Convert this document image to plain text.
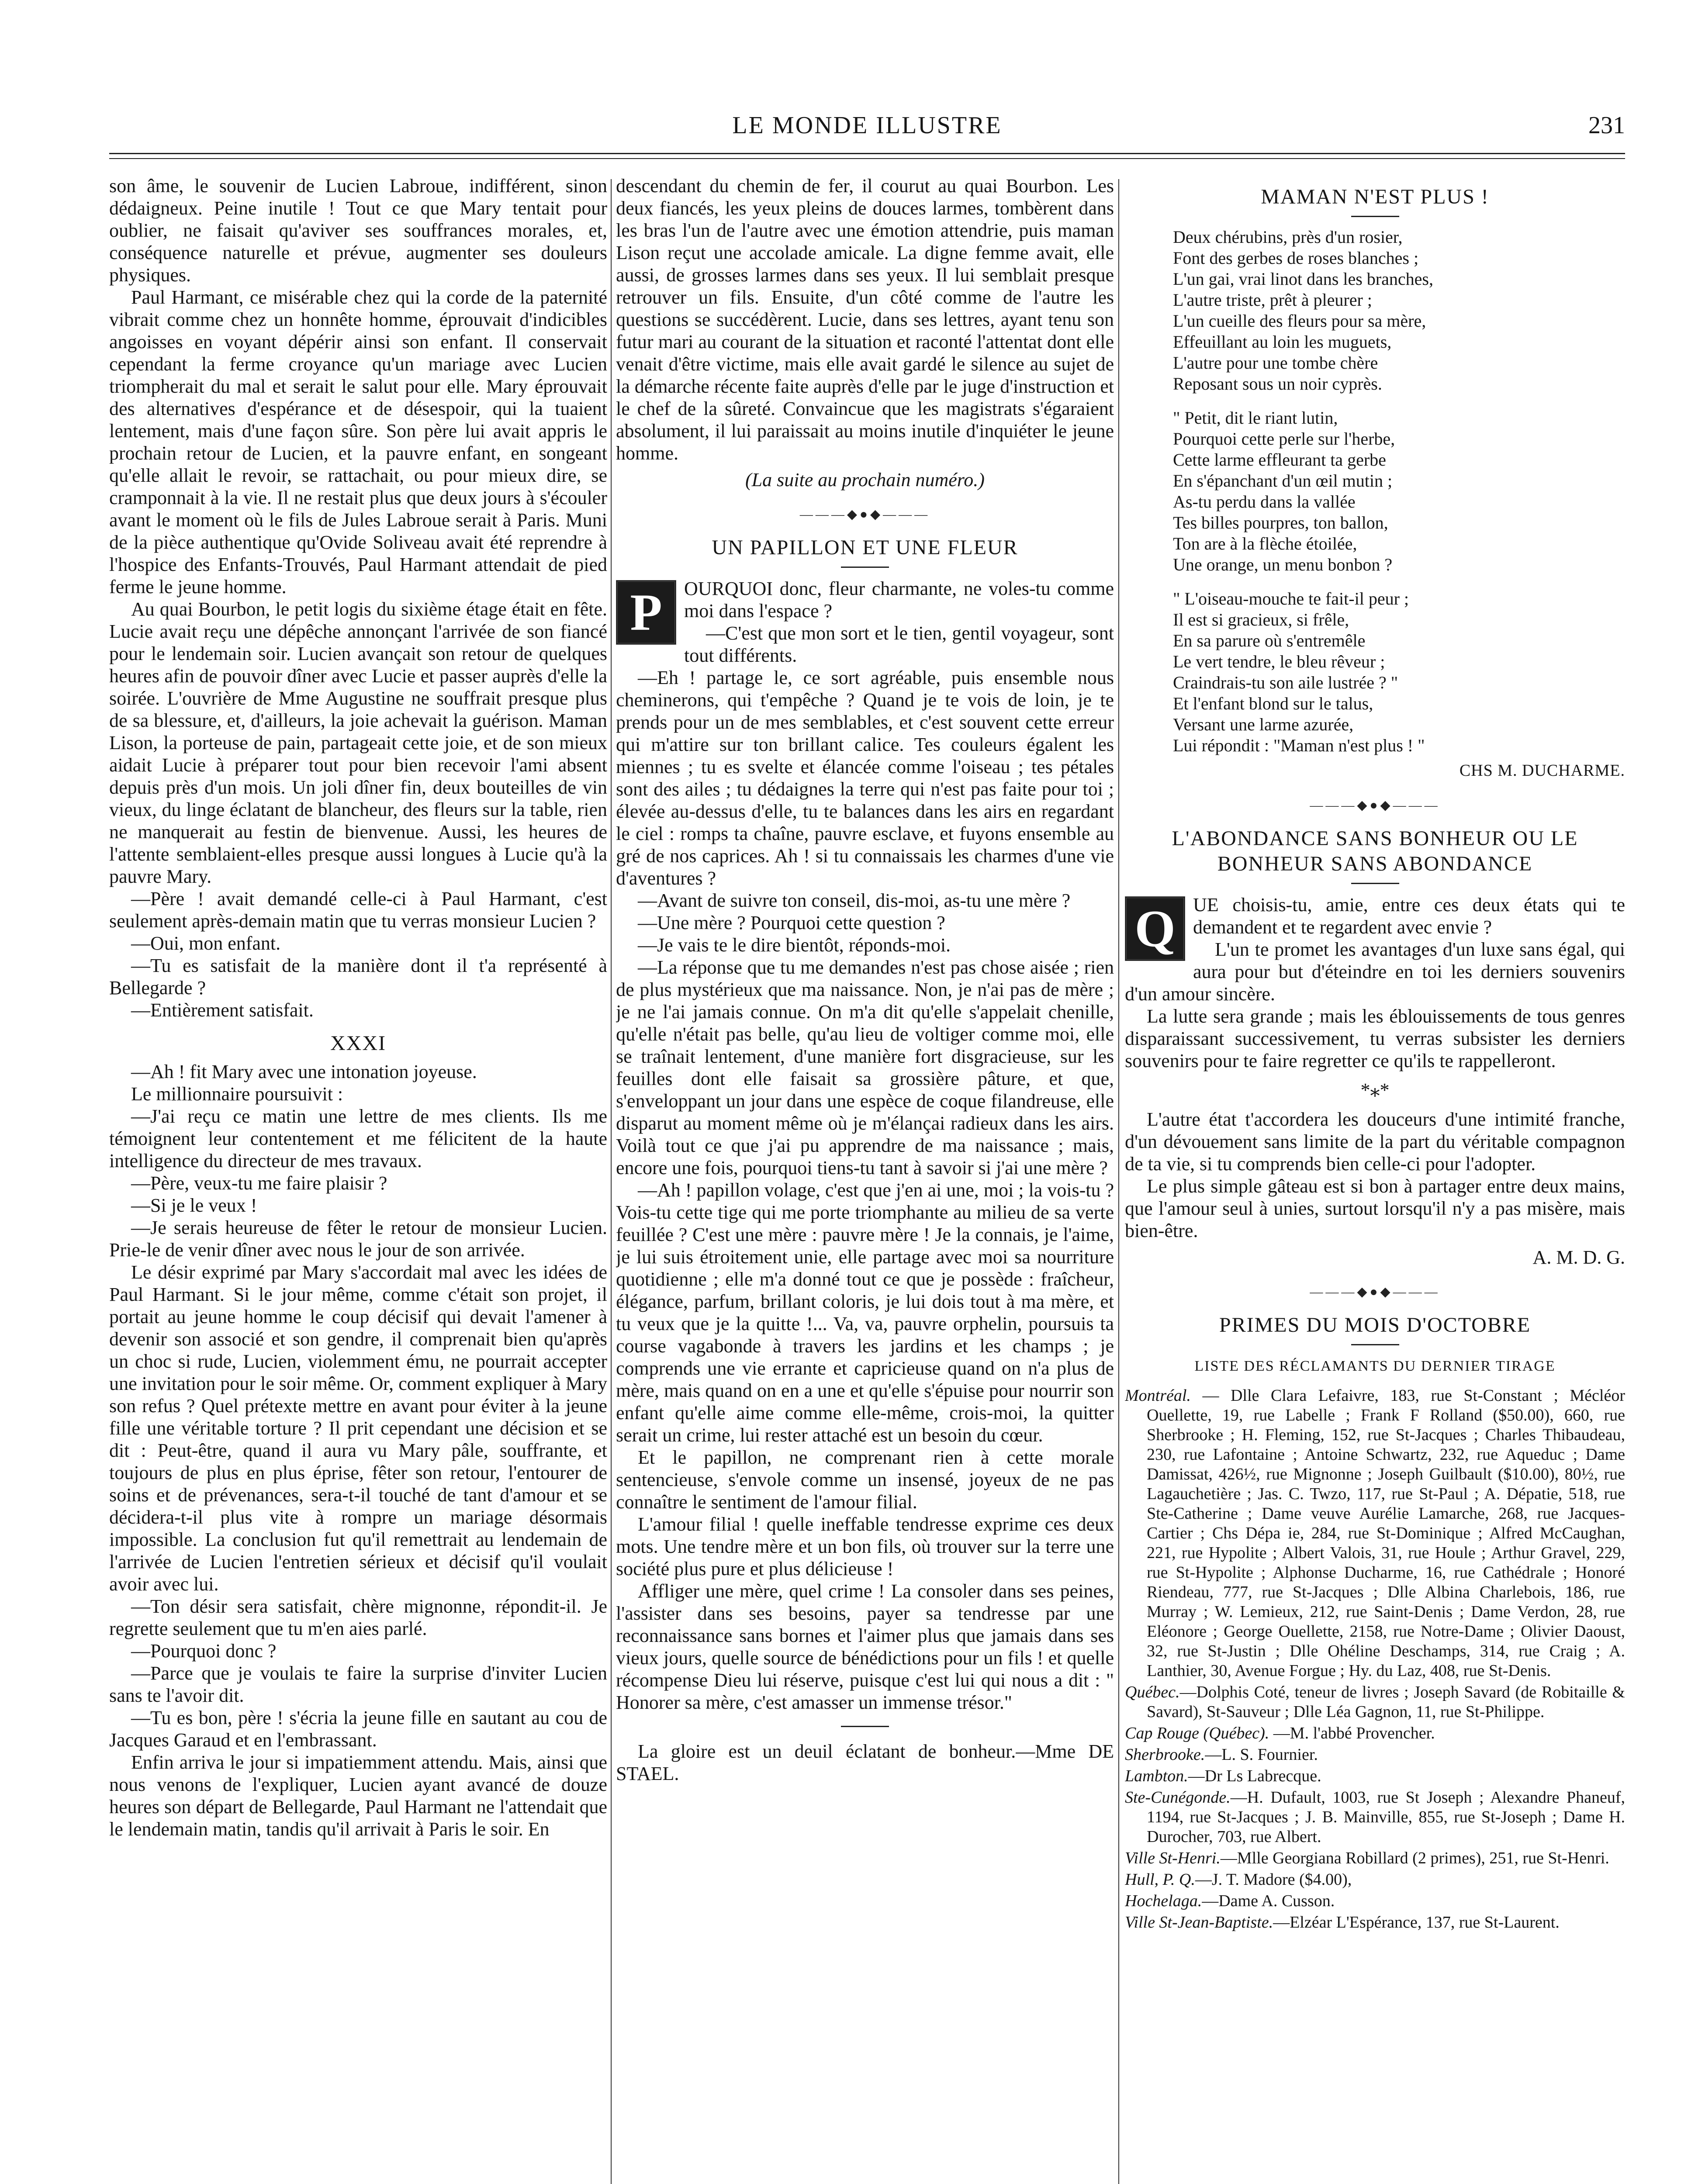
LE MONDE ILLUSTRE	231

son âme, le souvenir de Lucien Labroue, indifférent, sinon dédaigneux. Peine inutile ! Tout ce que Mary tentait pour oublier, ne faisait qu'aviver ses souffrances morales, et, conséquence naturelle et prévue, augmenter ses douleurs physiques.

Paul Harmant, ce misérable chez qui la corde de la paternité vibrait comme chez un honnête homme, éprouvait d'indicibles angoisses en voyant dépérir ainsi son enfant. Il conservait cependant la ferme croyance qu'un mariage avec Lucien triompherait du mal et serait le salut pour elle. Mary éprouvait des alternatives d'espérance et de désespoir, qui la tuaient lentement, mais d'une façon sûre. Son père lui avait appris le prochain retour de Lucien, et la pauvre enfant, en songeant qu'elle allait le revoir, se rattachait, ou pour mieux dire, se cramponnait à la vie. Il ne restait plus que deux jours à s'écouler avant le moment où le fils de Jules Labroue serait à Paris. Muni de la pièce authentique qu'Ovide Soliveau avait été reprendre à l'hospice des Enfants-Trouvés, Paul Harmant attendait de pied ferme le jeune homme.

Au quai Bourbon, le petit logis du sixième étage était en fête. Lucie avait reçu une dépêche annonçant l'arrivée de son fiancé pour le lendemain soir. Lucien avançait son retour de quelques heures afin de pouvoir dîner avec Lucie et passer auprès d'elle la soirée. L'ouvrière de Mme Augustine ne souffrait presque plus de sa blessure, et, d'ailleurs, la joie achevait la guérison. Maman Lison, la porteuse de pain, partageait cette joie, et de son mieux aidait Lucie à préparer tout pour bien recevoir l'ami absent depuis près d'un mois. Un joli dîner fin, deux bouteilles de vin vieux, du linge éclatant de blancheur, des fleurs sur la table, rien ne manquerait au festin de bienvenue. Aussi, les heures de l'attente semblaient-elles presque aussi longues à Lucie qu'à la pauvre Mary.

—Père ! avait demandé celle-ci à Paul Harmant, c'est seulement après-demain matin que tu verras monsieur Lucien ?

—Oui, mon enfant.

—Tu es satisfait de la manière dont il t'a représenté à Bellegarde ?

—Entièrement satisfait.

XXXI

—Ah ! fit Mary avec une intonation joyeuse.

Le millionnaire poursuivit :

—J'ai reçu ce matin une lettre de mes clients. Ils me témoignent leur contentement et me félicitent de la haute intelligence du directeur de mes travaux.

—Père, veux-tu me faire plaisir ?

—Si je le veux !

—Je serais heureuse de fêter le retour de monsieur Lucien. Prie-le de venir dîner avec nous le jour de son arrivée.

Le désir exprimé par Mary s'accordait mal avec les idées de Paul Harmant. Si le jour même, comme c'était son projet, il portait au jeune homme le coup décisif qui devait l'amener à devenir son associé et son gendre, il comprenait bien qu'après un choc si rude, Lucien, violemment ému, ne pourrait accepter une invitation pour le soir même. Or, comment expliquer à Mary son refus ? Quel prétexte mettre en avant pour éviter à la jeune fille une véritable torture ? Il prit cependant une décision et se dit : Peut-être, quand il aura vu Mary pâle, souffrante, et toujours de plus en plus éprise, fêter son retour, l'entourer de soins et de prévenances, sera-t-il touché de tant d'amour et se décidera-t-il plus vite à rompre un mariage désormais impossible. La conclusion fut qu'il remettrait au lendemain de l'arrivée de Lucien l'entretien sérieux et décisif qu'il voulait avoir avec lui.

—Ton désir sera satisfait, chère mignonne, répondit-il. Je regrette seulement que tu m'en aies parlé.

—Pourquoi donc ?

—Parce que je voulais te faire la surprise d'inviter Lucien sans te l'avoir dit.

—Tu es bon, père ! s'écria la jeune fille en sautant au cou de Jacques Garaud et en l'embrassant.

Enfin arriva le jour si impatiemment attendu. Mais, ainsi que nous venons de l'expliquer, Lucien ayant avancé de douze heures son départ de Bellegarde, Paul Harmant ne l'attendait que le lendemain matin, tandis qu'il arrivait à Paris le soir. En

descendant du chemin de fer, il courut au quai Bourbon. Les deux fiancés, les yeux pleins de douces larmes, tombèrent dans les bras l'un de l'autre avec une émotion attendrie, puis maman Lison reçut une accolade amicale. La digne femme avait, elle aussi, de grosses larmes dans ses yeux. Il lui semblait presque retrouver un fils. Ensuite, d'un côté comme de l'autre les questions se succédèrent. Lucie, dans ses lettres, ayant tenu son futur mari au courant de la situation et raconté l'attentat dont elle venait d'être victime, mais elle avait gardé le silence au sujet de la démarche récente faite auprès d'elle par le juge d'instruction et le chef de la sûreté. Convaincue que les magistrats s'égaraient absolument, il lui paraissait au moins inutile d'inquiéter le jeune homme.

(La suite au prochain numéro.)
———◆●◆———
UN PAPILLON ET UNE FLEUR

P	OURQUOI donc, fleur charmante, ne voles-tu comme moi dans l'espace ?

—C'est que mon sort et le tien, gentil voyageur, sont tout différents.

—Eh ! partage le, ce sort agréable, puis ensemble nous cheminerons, qui t'empêche ? Quand je te vois de loin, je te prends pour un de mes semblables, et c'est souvent cette erreur qui m'attire sur ton brillant calice. Tes couleurs égalent les miennes ; tu es svelte et élancée comme l'oiseau ; tes pétales sont des ailes ; tu dédaignes la terre qui n'est pas faite pour toi ; élevée au-dessus d'elle, tu te balances dans les airs en regardant le ciel : romps ta chaîne, pauvre esclave, et fuyons ensemble au gré de nos caprices. Ah ! si tu connaissais les charmes d'une vie d'aventures ?

—Avant de suivre ton conseil, dis-moi, as-tu une mère ?

—Une mère ? Pourquoi cette question ?

—Je vais te le dire bientôt, réponds-moi.

—La réponse que tu me demandes n'est pas chose aisée ; rien de plus mystérieux que ma naissance. Non, je n'ai pas de mère ; je ne l'ai jamais connue. On m'a dit qu'elle s'appelait chenille, qu'elle n'était pas belle, qu'au lieu de voltiger comme moi, elle se traînait lentement, d'une manière fort disgracieuse, sur les feuilles dont elle faisait sa grossière pâture, et que, s'enveloppant un jour dans une espèce de coque filandreuse, elle disparut au moment même où je m'élançai radieux dans les airs. Voilà tout ce que j'ai pu apprendre de ma naissance ; mais, encore une fois, pourquoi tiens-tu tant à savoir si j'ai une mère ?

—Ah ! papillon volage, c'est que j'en ai une, moi ; la vois-tu ? Vois-tu cette tige qui me porte triomphante au milieu de sa verte feuillée ? C'est une mère : pauvre mère ! Je la connais, je l'aime, je lui suis étroitement unie, elle partage avec moi sa nourriture quotidienne ; elle m'a donné tout ce que je possède : fraîcheur, élégance, parfum, brillant coloris, je lui dois tout à ma mère, et tu veux que je la quitte !... Va, va, pauvre orphelin, poursuis ta course vagabonde à travers les jardins et les champs ; je comprends une vie errante et capricieuse quand on n'a plus de mère, mais quand on en a une et qu'elle s'épuise pour nourrir son enfant qu'elle aime comme elle-même, crois-moi, la quitter serait un crime, lui rester attaché est un besoin du cœur.

Et le papillon, ne comprenant rien à cette morale sentencieuse, s'envole comme un insensé, joyeux de ne pas connaître le sentiment de l'amour filial.

L'amour filial ! quelle ineffable tendresse exprime ces deux mots. Une tendre mère et un bon fils, où trouver sur la terre une société plus pure et plus délicieuse !

Affliger une mère, quel crime ! La consoler dans ses peines, l'assister dans ses besoins, payer sa tendresse par une reconnaissance sans bornes et l'aimer plus que jamais dans ses vieux jours, quelle source de bénédictions pour un fils ! et quelle récompense Dieu lui réserve, puisque c'est lui qui nous a dit : " Honorer sa mère, c'est amasser un immense trésor."

La gloire est un deuil éclatant de bonheur.—Mme DE STAEL.

MAMAN N'EST PLUS !
Deux chérubins, près d'un rosier,
Font des gerbes de roses blanches ;
L'un gai, vrai linot dans les branches,
L'autre triste, prêt à pleurer ;
L'un cueille des fleurs pour sa mère,
Effeuillant au loin les muguets,
L'autre pour une tombe chère
Reposant sous un noir cyprès.
" Petit, dit le riant lutin,
Pourquoi cette perle sur l'herbe,
Cette larme effleurant ta gerbe
En s'épanchant d'un œil mutin ;
As-tu perdu dans la vallée
Tes billes pourpres, ton ballon,
Ton are à la flèche étoilée,
Une orange, un menu bonbon ?
" L'oiseau-mouche te fait-il peur ;
Il est si gracieux, si frêle,
En sa parure où s'entremêle
Le vert tendre, le bleu rêveur ;
Craindrais-tu son aile lustrée ? "
Et l'enfant blond sur le talus,
Versant une larme azurée,
Lui répondit : "Maman n'est plus ! "
CHS M. DUCHARME.
———◆●◆———
L'ABONDANCE SANS BONHEUR OU LE BONHEUR SANS ABONDANCE

Q UE choisis-tu, amie, entre ces deux états qui te demandent et te regardent avec envie ?

L'un te promet les avantages d'un luxe sans égal, qui aura pour but d'éteindre en toi les derniers souvenirs d'un amour sincère.

La lutte sera grande ; mais les éblouissements de tous genres disparaissant successivement, tu verras subsister les derniers souvenirs pour te faire regretter ce qu'ils te rappelleront.

*⁎*

L'autre état t'accordera les douceurs d'une intimité franche, d'un dévouement sans limite de la part du véritable compagnon de ta vie, si tu comprends bien celle-ci pour l'adopter.

Le plus simple gâteau est si bon à partager entre deux mains, que l'amour seul à unies, surtout lorsqu'il n'y a pas misère, mais bien-être.

A. M. D. G.
———◆●◆———
PRIMES DU MOIS D'OCTOBRE
LISTE DES RÉCLAMANTS DU DERNIER TIRAGE

Montréal. — Dlle Clara Lefaivre, 183, rue St-Constant ; Mécléor Ouellette, 19, rue Labelle ; Frank F Rolland ($50.00), 660, rue Sherbrooke ; H. Fleming, 152, rue St-Jacques ; Charles Thibaudeau, 230, rue Lafontaine ; Antoine Schwartz, 232, rue Aqueduc ; Dame Damissat, 426½, rue Mignonne ; Joseph Guilbault ($10.00), 80½, rue Lagauchetière ; Jas. C. Twzo, 117, rue St-Paul ; A. Dépatie, 518, rue Ste-Catherine ; Dame veuve Aurélie Lamarche, 268, rue Jacques-Cartier ; Chs Dépa ie, 284, rue St-Dominique ; Alfred McCaughan, 221, rue Hypolite ; Albert Valois, 31, rue Houle ; Arthur Gravel, 229, rue St-Hypolite ; Alphonse Ducharme, 16, rue Cathédrale ; Honoré Riendeau, 777, rue St-Jacques ; Dlle Albina Charlebois, 186, rue Murray ; W. Lemieux, 212, rue Saint-Denis ; Dame Verdon, 28, rue Eléonore ; George Ouellette, 2158, rue Notre-Dame ; Olivier Daoust, 32, rue St-Justin ; Dlle Ohéline Deschamps, 314, rue Craig ; A. Lanthier, 30, Avenue Forgue ; Hy. du Laz, 408, rue St-Denis.

Québec.—Dolphis Coté, teneur de livres ; Joseph Savard (de Robitaille & Savard), St-Sauveur ; Dlle Léa Gagnon, 11, rue St-Philippe.

Cap Rouge (Québec). —M. l'abbé Provencher.

Sherbrooke.—L. S. Fournier.

Lambton.—Dr Ls Labrecque.

Ste-Cunégonde.—H. Dufault, 1003, rue St Joseph ; Alexandre Phaneuf, 1194, rue St-Jacques ; J. B. Mainville, 855, rue St-Joseph ; Dame H. Durocher, 703, rue Albert.

Ville St-Henri.—Mlle Georgiana Robillard (2 primes), 251, rue St-Henri.

Hull, P. Q.—J. T. Madore ($4.00),

Hochelaga.—Dame A. Cusson.

Ville St-Jean-Baptiste.—Elzéar L'Espérance, 137, rue St-Laurent.
